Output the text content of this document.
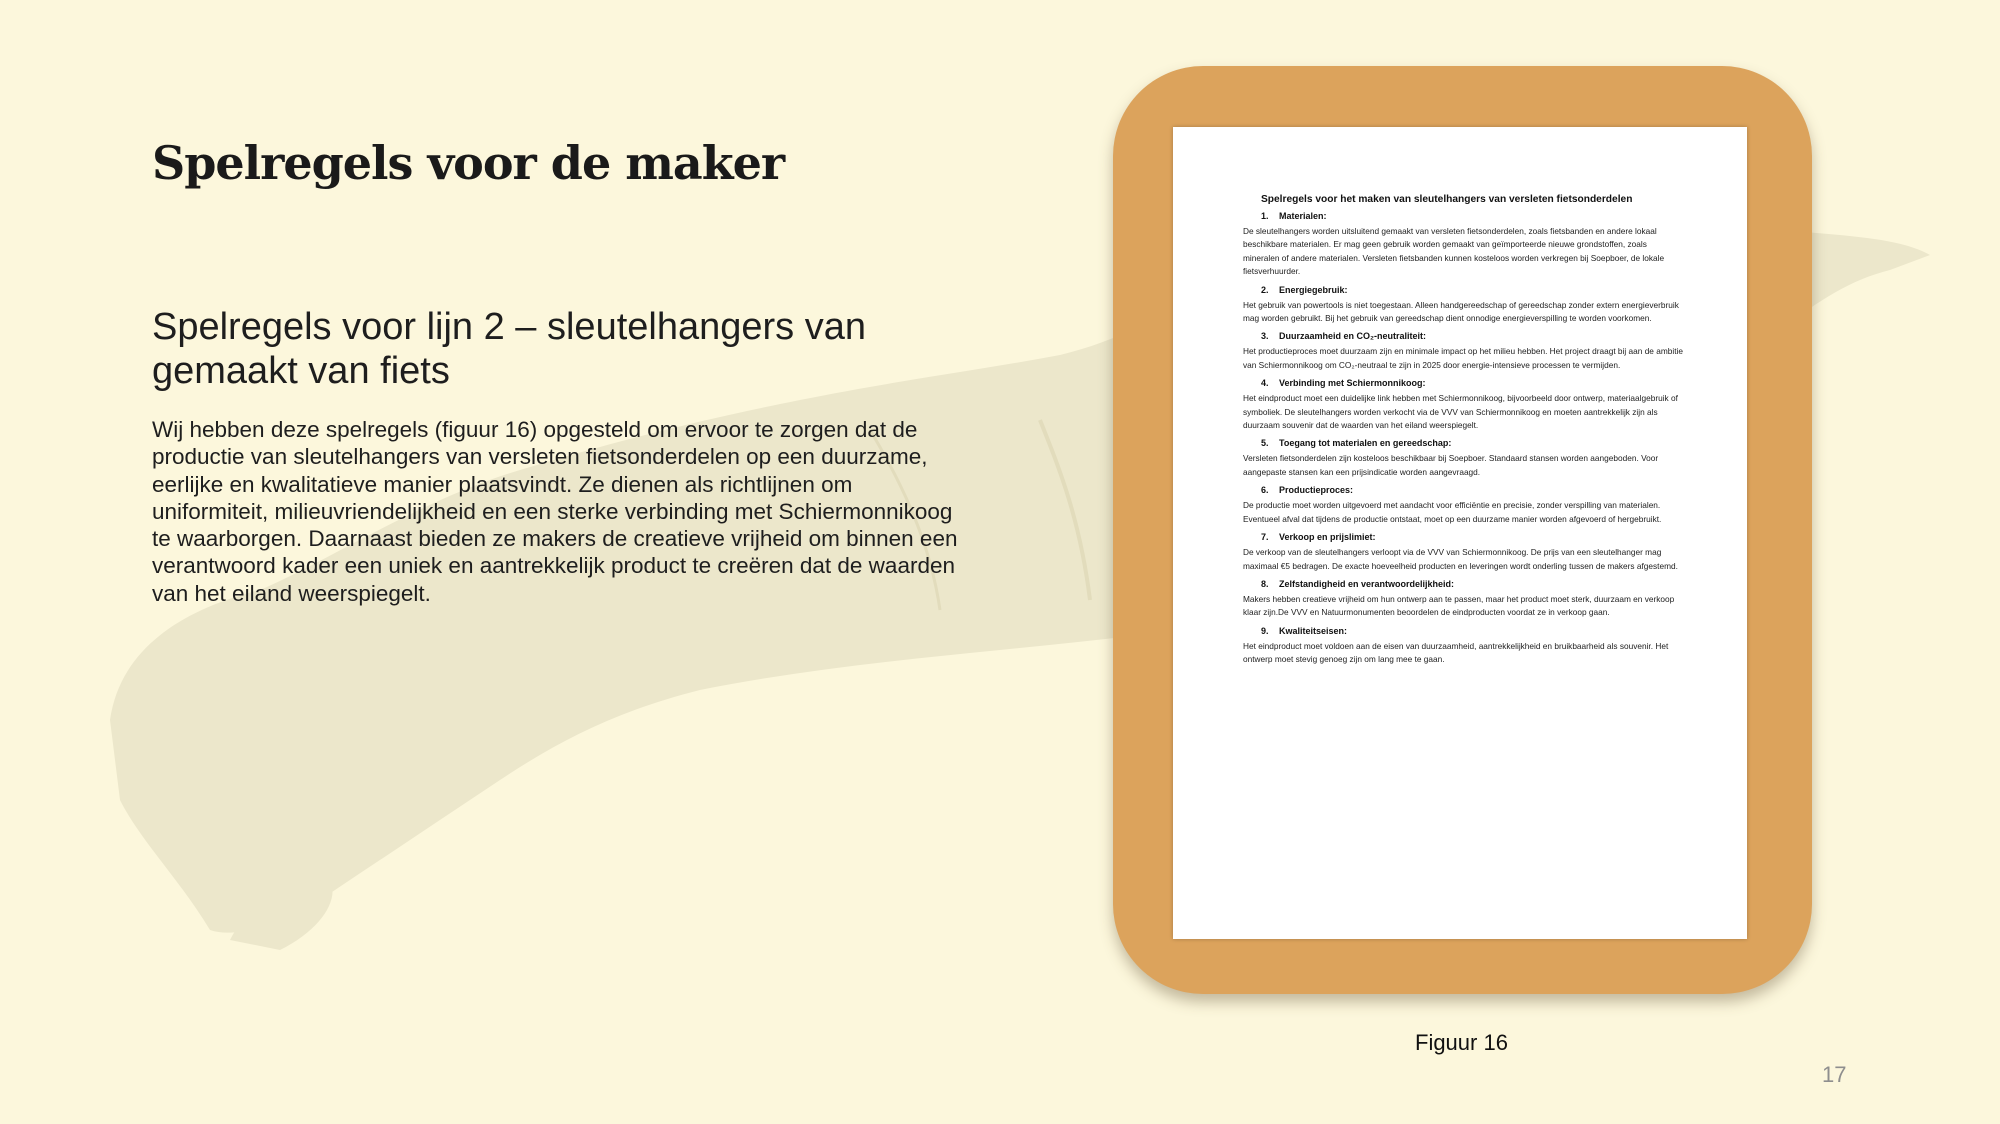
Spelregels voor de maker
Spelregels voor lijn 2 – sleutelhangers van gemaakt van fiets

Wij hebben deze spelregels (figuur 16) opgesteld om ervoor te zorgen dat de productie van sleutelhangers van versleten fietsonderdelen op een duurzame, eerlijke en kwalitatieve manier plaatsvindt. Ze dienen als richtlijnen om uniformiteit, milieuvriendelijkheid en een sterke verbinding met Schiermonnikoog te waarborgen. Daarnaast bieden ze makers de creatieve vrijheid om binnen een verantwoord kader een uniek en aantrekkelijk product te creëren dat de waarden van het eiland weerspiegelt.

Spelregels voor het maken van sleutelhangers van versleten fietsonderdelen

1. Materialen:

De sleutelhangers worden uitsluitend gemaakt van versleten fietsonderdelen, zoals fietsbanden en andere lokaal beschikbare materialen. Er mag geen gebruik worden gemaakt van geïmporteerde nieuwe grondstoffen, zoals mineralen of andere materialen. Versleten fietsbanden kunnen kosteloos worden verkregen bij Soepboer, de lokale fietsverhuurder.

2. Energiegebruik:

Het gebruik van powertools is niet toegestaan. Alleen handgereedschap of gereedschap zonder extern energieverbruik mag worden gebruikt. Bij het gebruik van gereedschap dient onnodige energieverspilling te worden voorkomen.

3. Duurzaamheid en CO₂-neutraliteit:

Het productieproces moet duurzaam zijn en minimale impact op het milieu hebben. Het project draagt bij aan de ambitie van Schiermonnikoog om CO₂-neutraal te zijn in 2025 door energie-intensieve processen te vermijden.

4. Verbinding met Schiermonnikoog:

Het eindproduct moet een duidelijke link hebben met Schiermonnikoog, bijvoorbeeld door ontwerp, materiaalgebruik of symboliek. De sleutelhangers worden verkocht via de VVV van Schiermonnikoog en moeten aantrekkelijk zijn als duurzaam souvenir dat de waarden van het eiland weerspiegelt.

5. Toegang tot materialen en gereedschap:

Versleten fietsonderdelen zijn kosteloos beschikbaar bij Soepboer. Standaard stansen worden aangeboden. Voor aangepaste stansen kan een prijsindicatie worden aangevraagd.

6. Productieproces:

De productie moet worden uitgevoerd met aandacht voor efficiëntie en precisie, zonder verspilling van materialen. Eventueel afval dat tijdens de productie ontstaat, moet op een duurzame manier worden afgevoerd of hergebruikt.

7. Verkoop en prijslimiet:

De verkoop van de sleutelhangers verloopt via de VVV van Schiermonnikoog. De prijs van een sleutelhanger mag maximaal €5 bedragen. De exacte hoeveelheid producten en leveringen wordt onderling tussen de makers afgestemd.

8. Zelfstandigheid en verantwoordelijkheid:

Makers hebben creatieve vrijheid om hun ontwerp aan te passen, maar het product moet sterk, duurzaam en verkoop klaar zijn.De VVV en Natuurmonumenten beoordelen de eindproducten voordat ze in verkoop gaan.

9. Kwaliteitseisen:

Het eindproduct moet voldoen aan de eisen van duurzaamheid, aantrekkelijkheid en bruikbaarheid als souvenir. Het ontwerp moet stevig genoeg zijn om lang mee te gaan.

Figuur 16

17
